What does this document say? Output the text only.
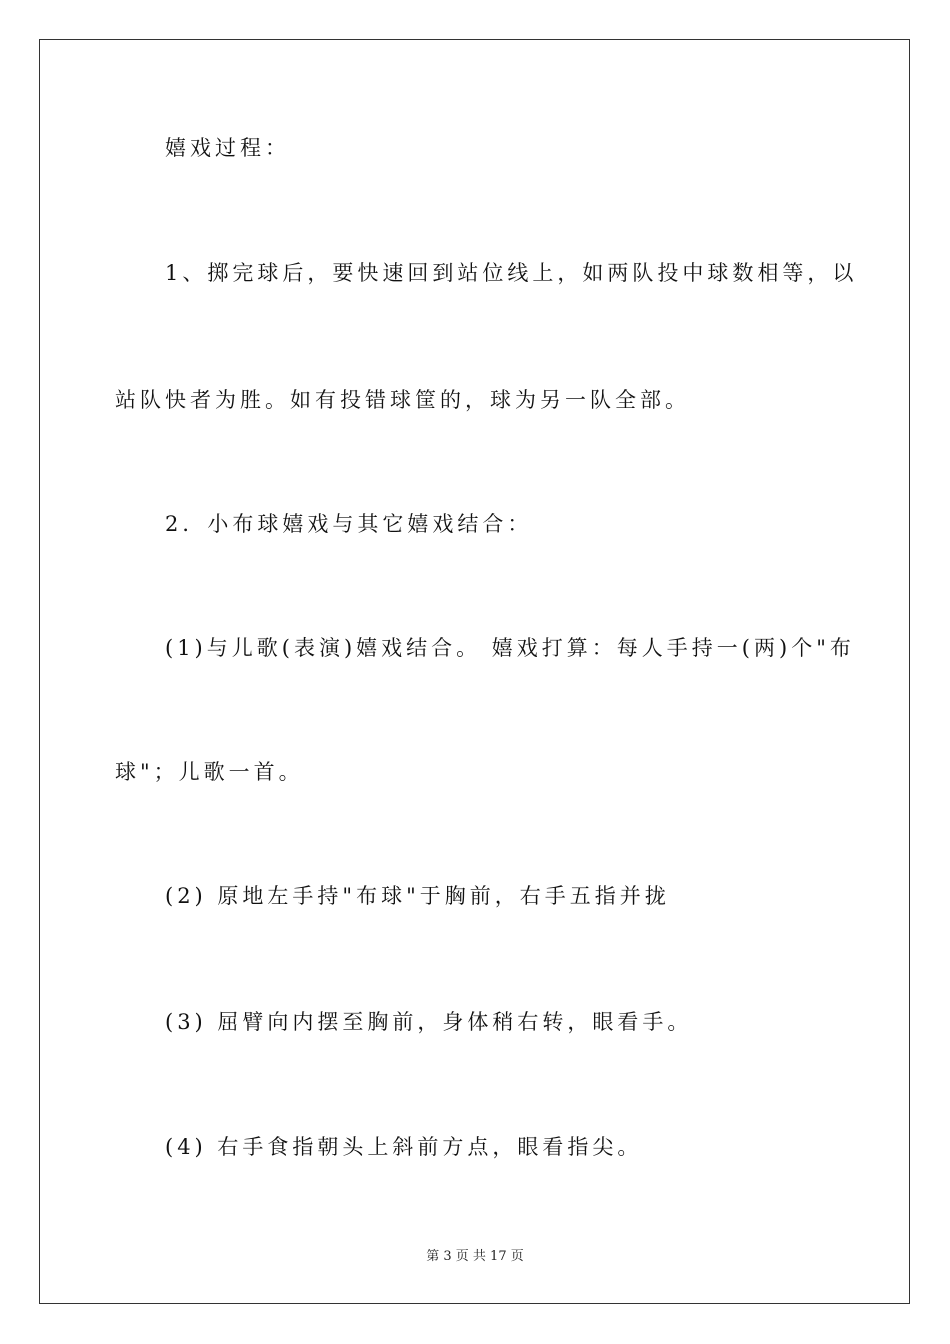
嬉戏过程：
1、掷完球后，要快速回到站位线上，如两队投中球数相等，以
站队快者为胜。如有投错球筐的，球为另一队全部。
2．小布球嬉戏与其它嬉戏结合：
(1)与儿歌(表演)嬉戏结合。 嬉戏打算：每人手持一(两)个"布
球"；儿歌一首。
(2) 原地左手持"布球"于胸前，右手五指并拢
(3) 屈臂向内摆至胸前，身体稍右转，眼看手。
(4) 右手食指朝头上斜前方点，眼看指尖。
第 3 页 共 17 页
